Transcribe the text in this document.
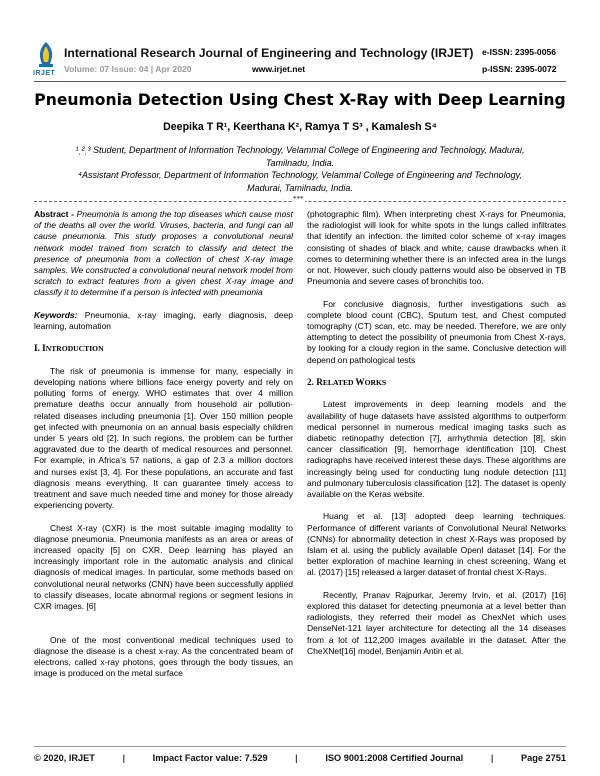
IRJET
International Research Journal of Engineering and Technology (IRJET) e-ISSN: 2395-0056
Volume: 07 Issue: 04 | Apr 2020	www.irjet.net	p-ISSN: 2395-0072
Pneumonia Detection Using Chest X-Ray with Deep Learning
Deepika T R¹, Keerthana K², Ramya T S³ , Kamalesh S⁴
¹ˌ²ˌ³ Student, Department of Information Technology, Velammal College of Engineering and Technology, Madurai,
Tamilnadu, India.
⁴Assistant Professor, Department of Information Technology, Velammal College of Engineering and Technology,
Madurai, Tamilnadu, India.
***

Abstract - Pneumonia is among the top diseases which cause most of the deaths all over the world. Viruses, bacteria, and fungi can all cause pneumonia. This study proposes a convolutional neural network model trained from scratch to classify and detect the presence of pneumonia from a collection of chest X-ray image samples. We constructed a convolutional neural network model from scratch to extract features from a given chest X-ray image and classify it to determine if a person is infected with pneumonia

Keywords: Pneumonia, x-ray imaging, early diagnosis, deep learning, automation

I. INTRODUCTION

The risk of pneumonia is immense for many, especially in developing nations where billions face energy poverty and rely on polluting forms of energy. WHO estimates that over 4 million premature deaths occur annually from household air pollution-related diseases including pneumonia [1]. Over 150 million people get infected with pneumonia on an annual basis especially children under 5 years old [2]. In such regions, the problem can be further aggravated due to the dearth of medical resources and personnel. For example, in Africa’s 57 nations, a gap of 2.3 a million doctors and nurses exist [3, 4]. For these populations, an accurate and fast diagnosis means everything. It can guarantee timely access to treatment and save much needed time and money for those already experiencing poverty.

Chest X-ray (CXR) is the most suitable imaging modality to diagnose pneumonia. Pneumonia manifests as an area or areas of increased opacity [5] on CXR. Deep learning has played an increasingly important role in the automatic analysis and clinical diagnosis of medical images. In particular, some methods based on convolutional neural networks (CNN) have been successfully applied to classify diseases, locate abnormal regions or segment lesions in CXR images. [6]

One of the most conventional medical techniques used to diagnose the disease is a chest x-ray. As the concentrated beam of electrons, called x-ray photons, goes through the body tissues, an image is produced on the metal surface

(photographic film). When interpreting chest X-rays for Pneumonia, the radiologist will look for white spots in the lungs called infiltrates that identify an infection. the limited color scheme of x-ray images consisting of shades of black and white, cause drawbacks when it comes to determining whether there is an infected area in the lungs or not. However, such cloudy patterns would also be observed in TB Pneumonia and severe cases of bronchitis too.

For conclusive diagnosis, further investigations such as complete blood count (CBC), Sputum test, and Chest computed tomography (CT) scan, etc. may be needed. Therefore, we are only attempting to detect the possibility of pneumonia from Chest X-rays, by looking for a cloudy region in the same. Conclusive detection will depend on pathological tests

2. RELATED WORKS

Latest improvements in deep learning models and the availability of huge datasets have assisted algorithms to outperform medical personnel in numerous medical imaging tasks such as diabetic retinopathy detection [7], arrhythmia detection [8], skin cancer classification [9], hemorrhage identification [10]. Chest radiographs have received interest these days. These algorithms are increasingly being used for conducting lung nodule detection [11] and pulmonary tuberculosis classification [12]. The dataset is openly available on the Keras website.

Huang et al. [13] adopted deep learning techniques. Performance of different variants of Convolutional Neural Networks (CNNs) for abnormality detection in chest X-Rays was proposed by Islam et al. using the publicly available OpenI dataset [14]. For the better exploration of machine learning in chest screening, Wang et al. (2017) [15] released a larger dataset of frontal chest X-Rays.

Recently, Pranav Rajpurkar, Jeremy Irvin, et al. (2017) [16] explored this dataset for detecting pneumonia at a level better than radiologists, they referred their model as ChexNet which uses DenseNet-121 layer architecture for detecting all the 14 diseases from a lot of 112,200 images available in the dataset. After the CheXNet[16] model, Benjamin Antin et al.

© 2020, IRJET	|	Impact Factor value: 7.529	|	ISO 9001:2008 Certified Journal	|	Page 2751
